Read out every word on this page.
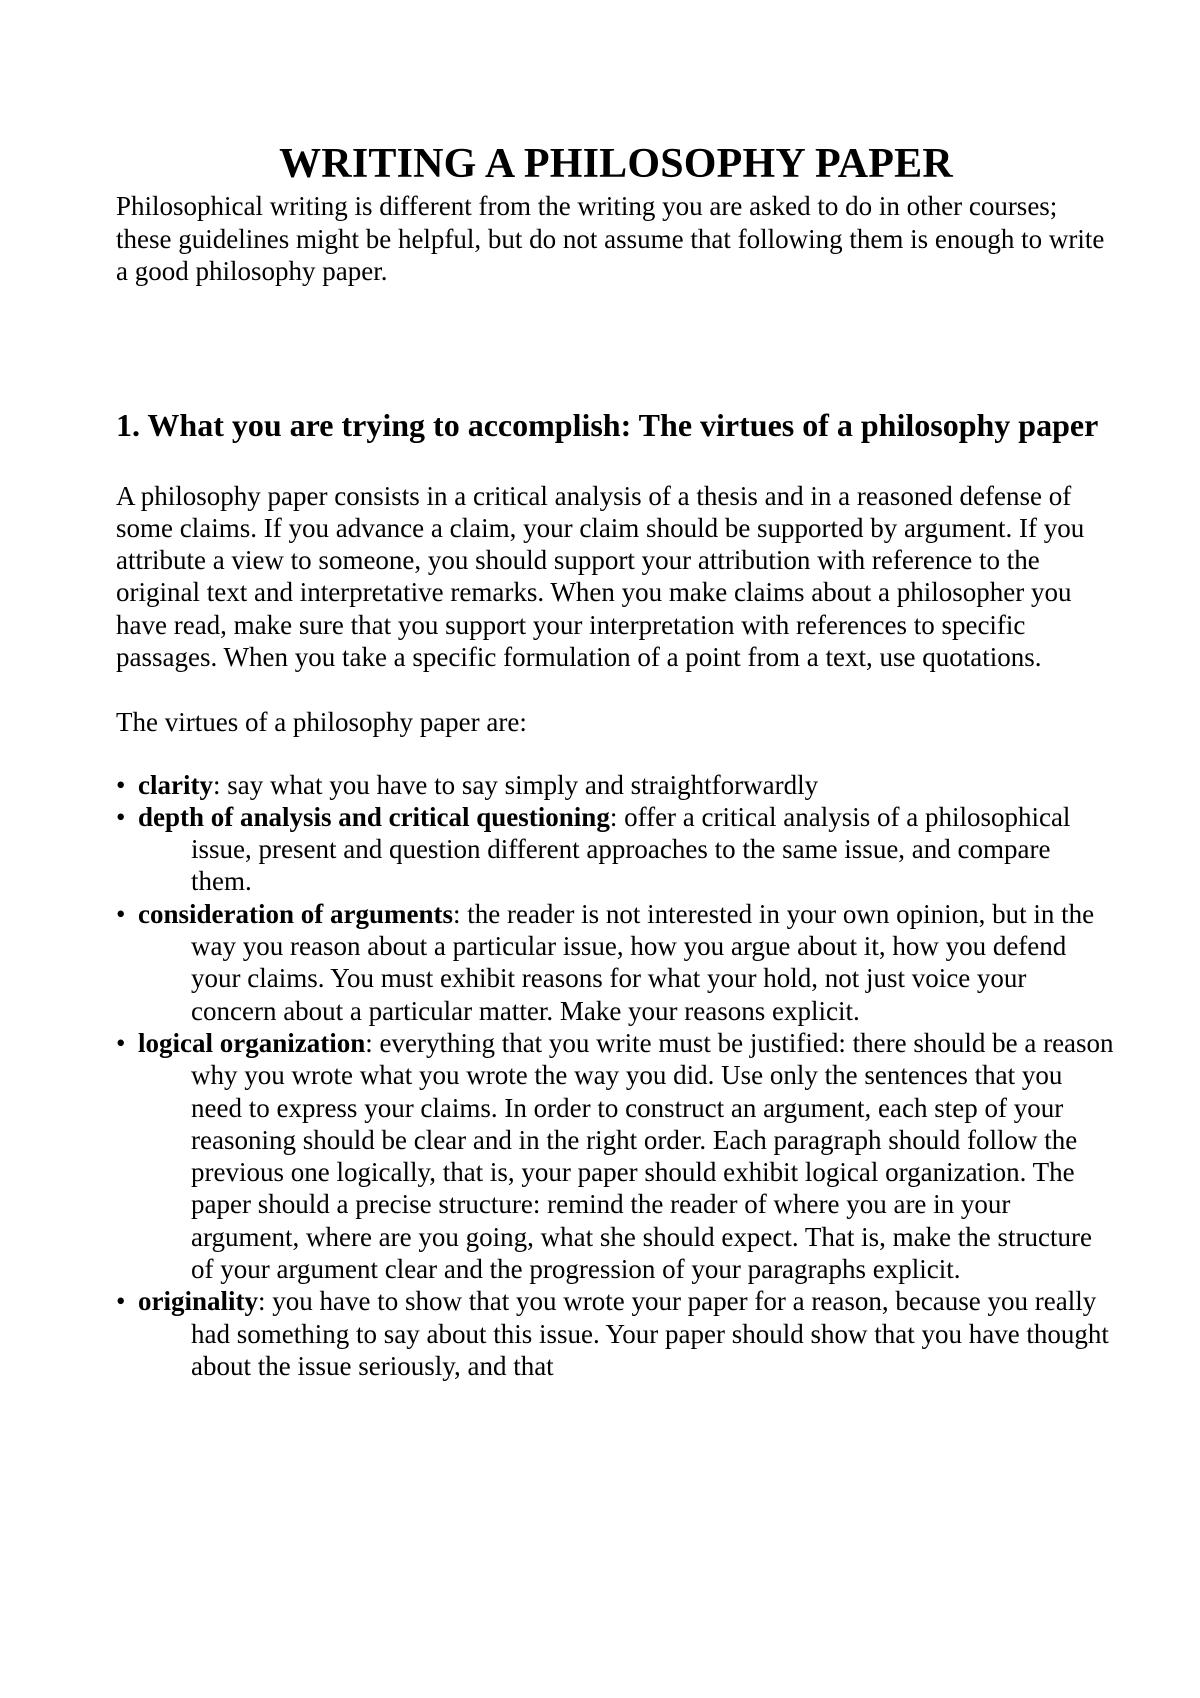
WRITING A PHILOSOPHY PAPER

Philosophical writing is different from the writing you are asked to do in other courses; these guidelines might be helpful, but do not assume that following them is enough to write a good philosophy paper.

1. What you are trying to accomplish: The virtues of a philosophy paper

A philosophy paper consists in a critical analysis of a thesis and in a reasoned defense of some claims. If you advance a claim, your claim should be supported by argument. If you attribute a view to someone, you should support your attribution with reference to the original text and interpretative remarks. When you make claims about a philosopher you have read, make sure that you support your interpretation with references to specific passages. When you take a specific formulation of a point from a text, use quotations.

The virtues of a philosophy paper are:

• clarity: say what you have to say simply and straightforwardly
• depth of analysis and critical questioning: offer a critical analysis of a philosophical issue, present and question different approaches to the same issue, and compare them.
• consideration of arguments: the reader is not interested in your own opinion, but in the way you reason about a particular issue, how you argue about it, how you defend your claims. You must exhibit reasons for what your hold, not just voice your concern about a particular matter. Make your reasons explicit.
• logical organization: everything that you write must be justified: there should be a reason why you wrote what you wrote the way you did. Use only the sentences that you need to express your claims. In order to construct an argument, each step of your reasoning should be clear and in the right order. Each paragraph should follow the previous one logically, that is, your paper should exhibit logical organization. The paper should a precise structure: remind the reader of where you are in your argument, where are you going, what she should expect. That is, make the structure of your argument clear and the progression of your paragraphs explicit.
• originality: you have to show that you wrote your paper for a reason, because you really had something to say about this issue. Your paper should show that you have thought about the issue seriously, and that
